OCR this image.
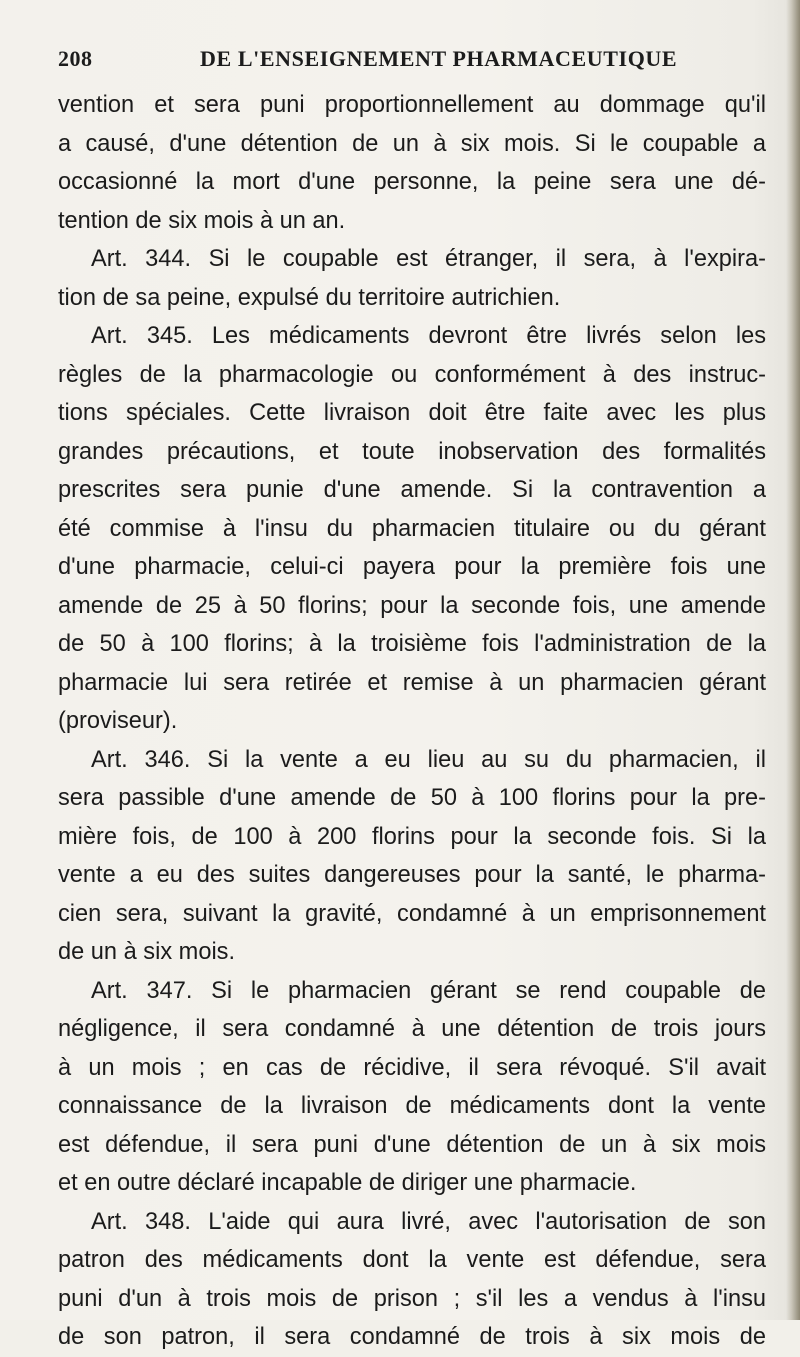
208	DE L'ENSEIGNEMENT PHARMACEUTIQUE
vention et sera puni proportionnellement au dommage qu'il
a causé, d'une détention de un à six mois. Si le coupable a
occasionné la mort d'une personne, la peine sera une dé-
tention de six mois à un an.
Art. 344. Si le coupable est étranger, il sera, à l'expira-
tion de sa peine, expulsé du territoire autrichien.
Art. 345. Les médicaments devront être livrés selon les
règles de la pharmacologie ou conformément à des instruc-
tions spéciales. Cette livraison doit être faite avec les plus
grandes précautions, et toute inobservation des formalités
prescrites sera punie d'une amende. Si la contravention a
été commise à l'insu du pharmacien titulaire ou du gérant
d'une pharmacie, celui-ci payera pour la première fois une
amende de 25 à 50 florins; pour la seconde fois, une amende
de 50 à 100 florins; à la troisième fois l'administration de la
pharmacie lui sera retirée et remise à un pharmacien gérant
(proviseur).
Art. 346. Si la vente a eu lieu au su du pharmacien, il
sera passible d'une amende de 50 à 100 florins pour la pre-
mière fois, de 100 à 200 florins pour la seconde fois. Si la
vente a eu des suites dangereuses pour la santé, le pharma-
cien sera, suivant la gravité, condamné à un emprisonnement
de un à six mois.
Art. 347. Si le pharmacien gérant se rend coupable de
négligence, il sera condamné à une détention de trois jours
à un mois ; en cas de récidive, il sera révoqué. S'il avait
connaissance de la livraison de médicaments dont la vente
est défendue, il sera puni d'une détention de un à six mois
et en outre déclaré incapable de diriger une pharmacie.
Art. 348. L'aide qui aura livré, avec l'autorisation de son
patron des médicaments dont la vente est défendue, sera
puni d'un à trois mois de prison ; s'il les a vendus à l'insu
de son patron, il sera condamné de trois à six mois de
